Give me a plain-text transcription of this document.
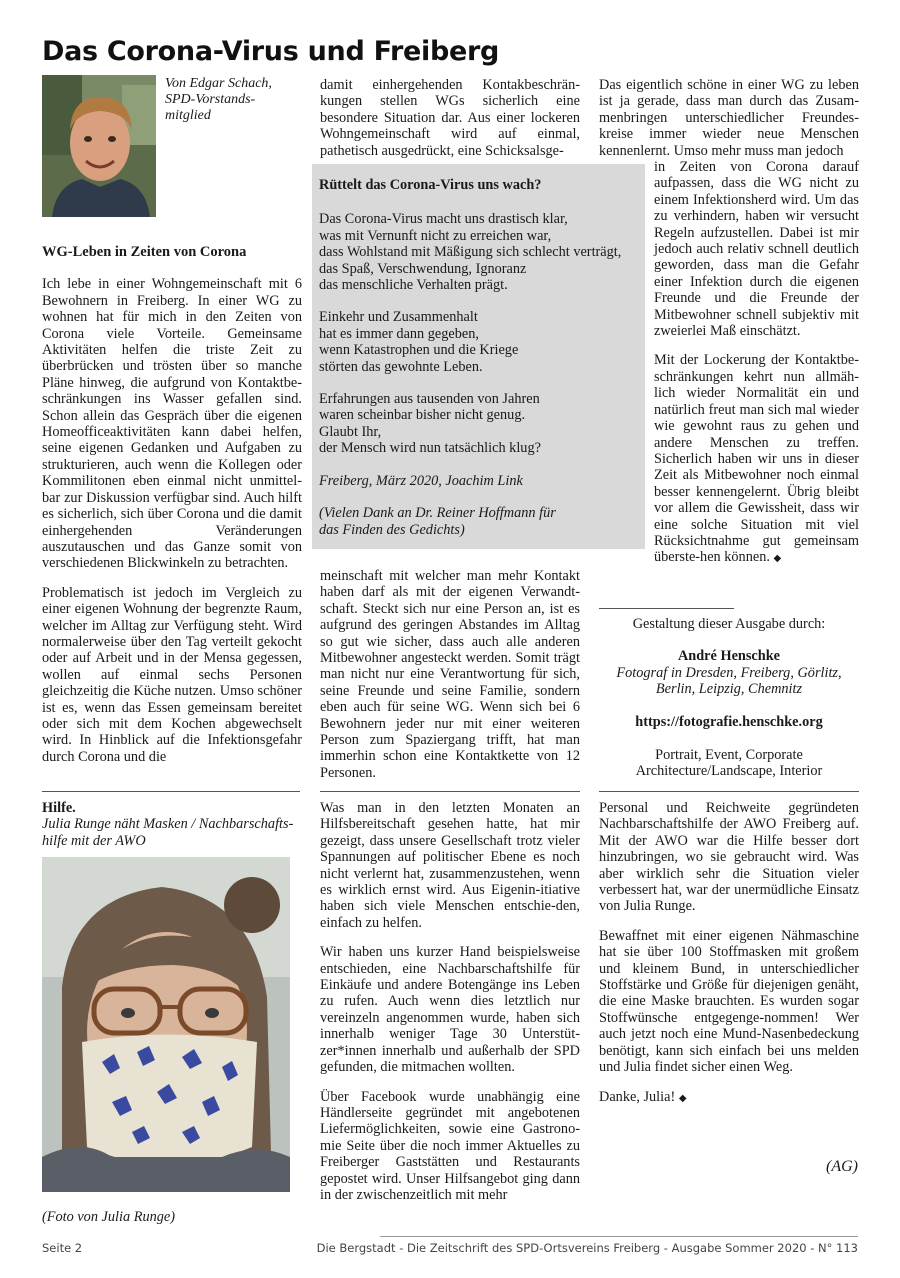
Das Corona-Virus und Freiberg
Von Edgar Schach,
SPD-Vorstands-
mitglied

WG-Leben in Zeiten von Corona

Ich lebe in einer Wohngemeinschaft mit 6 Bewohnern in Freiberg. In einer WG zu wohnen hat für mich in den Zeiten von Corona viele Vorteile. Gemeinsame Aktivitäten helfen die triste Zeit zu überbrücken und trösten über so manche Pläne hinweg, die aufgrund von Kontaktbe-schränkungen ins Wasser gefallen sind. Schon allein das Gespräch über die eigenen Homeofficeaktivitäten kann dabei helfen, seine eigenen Gedanken und Aufgaben zu strukturieren, auch wenn die Kollegen oder Kommilitonen eben einmal nicht unmittel-bar zur Diskussion verfügbar sind. Auch hilft es sicherlich, sich über Corona und die damit einhergehenden Veränderungen auszutauschen und das Ganze somit von verschiedenen Blickwinkeln zu betrachten.

Problematisch ist jedoch im Vergleich zu einer eigenen Wohnung der begrenzte Raum, welcher im Alltag zur Verfügung steht. Wird normalerweise über den Tag verteilt gekocht oder auf Arbeit und in der Mensa gegessen, wollen auf einmal sechs Personen gleichzeitig die Küche nutzen. Umso schöner ist es, wenn das Essen gemeinsam bereitet oder sich mit dem Kochen abgewechselt wird. In Hinblick auf die Infektionsgefahr durch Corona und die

damit einhergehenden Kontakbeschrän-kungen stellen WGs sicherlich eine besondere Situation dar. Aus einer lockeren Wohngemeinschaft wird auf einmal, pathetisch ausgedrückt, eine Schicksalsge-

Rüttelt das Corona-Virus uns wach?
Das Corona-Virus macht uns drastisch klar,
was mit Vernunft nicht zu erreichen war,
dass Wohlstand mit Mäßigung sich schlecht verträgt,
das Spaß, Verschwendung, Ignoranz
das menschliche Verhalten prägt.
Einkehr und Zusammenhalt
hat es immer dann gegeben,
wenn Katastrophen und die Kriege
störten das gewohnte Leben.
Erfahrungen aus tausenden von Jahren
waren scheinbar bisher nicht genug.
Glaubt Ihr,
der Mensch wird nun tatsächlich klug?
Freiberg, März 2020, Joachim Link
(Vielen Dank an Dr. Reiner Hoffmann für
das Finden des Gedichts)

meinschaft mit welcher man mehr Kontakt haben darf als mit der eigenen Verwandt-schaft. Steckt sich nur eine Person an, ist es aufgrund des geringen Abstandes im Alltag so gut wie sicher, dass auch alle anderen Mitbewohner angesteckt werden. Somit trägt man nicht nur eine Verantwortung für sich, seine Freunde und seine Familie, sondern eben auch für seine WG. Wenn sich bei 6 Bewohnern jeder nur mit einer weiteren Person zum Spaziergang trifft, hat man immerhin schon eine Kontaktkette von 12 Personen.

Das eigentlich schöne in einer WG zu leben ist ja gerade, dass man durch das Zusam-menbringen unterschiedlicher Freundes-kreise immer wieder neue Menschen kennenlernt. Umso mehr muss man jedoch

in Zeiten von Corona darauf aufpassen, dass die WG nicht zu einem Infektionsherd wird. Um das zu verhindern, haben wir versucht Regeln aufzustellen. Dabei ist mir jedoch auch relativ schnell deutlich geworden, dass man die Gefahr einer Infektion durch die eigenen Freunde und die Freunde der Mitbewohner schnell subjektiv mit zweierlei Maß einschätzt.

Mit der Lockerung der Kontaktbe-schränkungen kehrt nun allmäh-lich wieder Normalität ein und natürlich freut man sich mal wieder wie gewohnt raus zu gehen und andere Menschen zu treffen. Sicherlich haben wir uns in dieser Zeit als Mitbewohner noch einmal besser kennengelernt. Übrig bleibt vor allem die Gewissheit, dass wir eine solche Situation mit viel Rücksichtnahme gut gemeinsam überste-hen können. ◆

Gestaltung dieser Ausgabe durch:

André Henschke

Fotograf in Dresden, Freiberg, Görlitz,
Berlin, Leipzig, Chemnitz

https://fotografie.henschke.org

Portrait, Event, Corporate
Architecture/Landscape, Interior

Hilfe.
Julia Runge näht Masken / Nachbarschafts-
hilfe mit der AWO
(Foto von Julia Runge)

Was man in den letzten Monaten an Hilfsbereitschaft gesehen hatte, hat mir gezeigt, dass unsere Gesellschaft trotz vieler Spannungen auf politischer Ebene es noch nicht verlernt hat, zusammenzustehen, wenn es wirklich ernst wird. Aus Eigenin-itiative haben sich viele Menschen entschie-den, einfach zu helfen.

Wir haben uns kurzer Hand beispielsweise entschieden, eine Nachbarschaftshilfe für Einkäufe und andere Botengänge ins Leben zu rufen. Auch wenn dies letztlich nur vereinzeln angenommen wurde, haben sich innerhalb weniger Tage 30 Unterstüt-zer*innen innerhalb und außerhalb der SPD gefunden, die mitmachen wollten.

Über Facebook wurde unabhängig eine Händlerseite gegründet mit angebotenen Liefermöglichkeiten, sowie eine Gastrono-mie Seite über die noch immer Aktuelles zu Freiberger Gaststätten und Restaurants gepostet wird. Unser Hilfsangebot ging dann in der zwischenzeitlich mit mehr

Personal und Reichweite gegründeten Nachbarschaftshilfe der AWO Freiberg auf. Mit der AWO war die Hilfe besser dort hinzubringen, wo sie gebraucht wird. Was aber wirklich sehr die Situation vieler verbessert hat, war der unermüdliche Einsatz von Julia Runge.

Bewaffnet mit einer eigenen Nähmaschine hat sie über 100 Stoffmasken mit großem und kleinem Bund, in unterschiedlicher Stoffstärke und Größe für diejenigen genäht, die eine Maske brauchten. Es wurden sogar Stoffwünsche entgegenge-nommen! Wer auch jetzt noch eine Mund-Nasenbedeckung benötigt, kann sich einfach bei uns melden und Julia findet sicher einen Weg.

Danke, Julia! ◆

(AG)
Seite 2	Die Bergstadt - Die Zeitschrift des SPD-Ortsvereins Freiberg - Ausgabe Sommer 2020 - N° 113
